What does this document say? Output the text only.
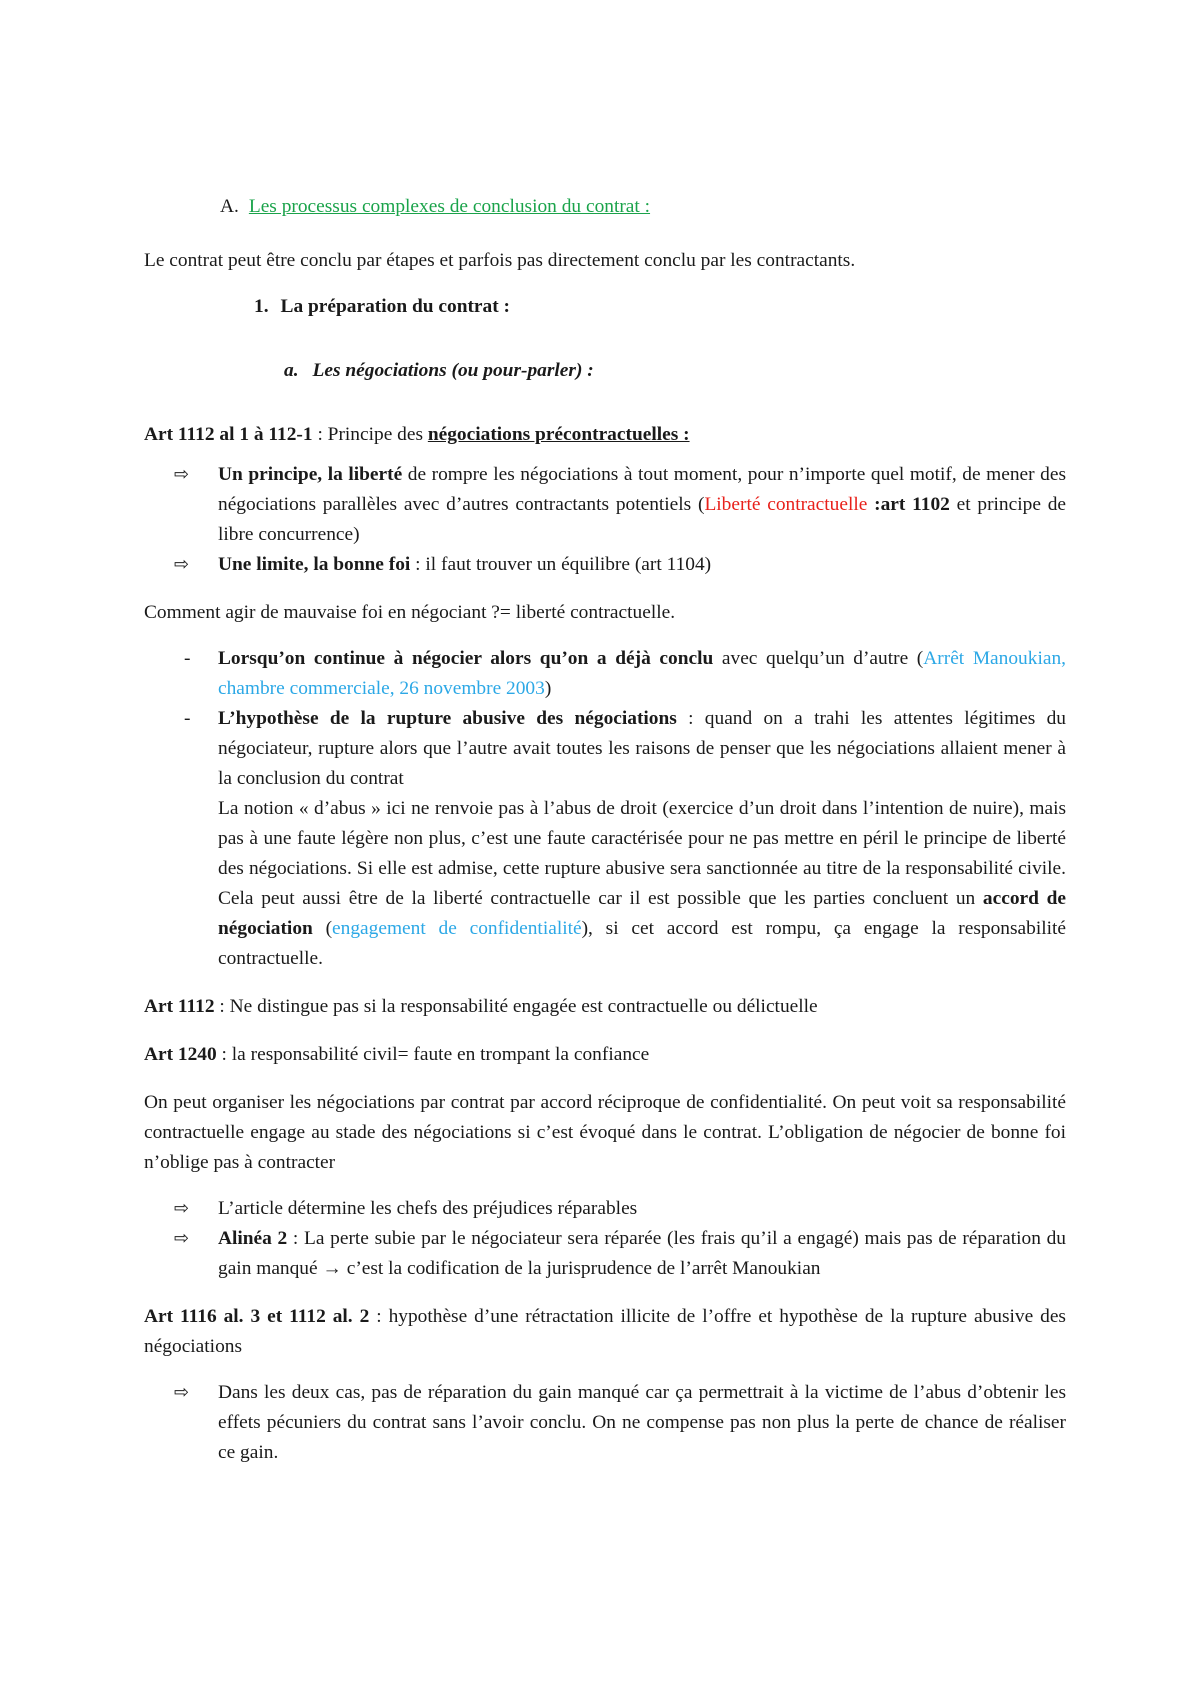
A. Les processus complexes de conclusion du contrat :

Le contrat peut être conclu par étapes et parfois pas directement conclu par les contractants.

1. La préparation du contrat :

a. Les négociations (ou pour-parler) :

Art 1112 al 1 à 112-1 : Principe des négociations précontractuelles :

⇨	Un principe, la liberté de rompre les négociations à tout moment, pour n’importe quel motif, de mener des négociations parallèles avec d’autres contractants potentiels (Liberté contractuelle :art 1102 et principe de libre concurrence)
⇨	Une limite, la bonne foi : il faut trouver un équilibre (art 1104)

Comment agir de mauvaise foi en négociant ?= liberté contractuelle.

-	Lorsqu’on continue à négocier alors qu’on a déjà conclu avec quelqu’un d’autre (Arrêt Manoukian, chambre commerciale, 26 novembre 2003)
-	L’hypothèse de la rupture abusive des négociations : quand on a trahi les attentes légitimes du négociateur, rupture alors que l’autre avait toutes les raisons de penser que les négociations allaient mener à la conclusion du contrat
La notion « d’abus » ici ne renvoie pas à l’abus de droit (exercice d’un droit dans l’intention de nuire), mais pas à une faute légère non plus, c’est une faute caractérisée pour ne pas mettre en péril le principe de liberté des négociations. Si elle est admise, cette rupture abusive sera sanctionnée au titre de la responsabilité civile. Cela peut aussi être de la liberté contractuelle car il est possible que les parties concluent un accord de négociation (engagement de confidentialité), si cet accord est rompu, ça engage la responsabilité contractuelle.

Art 1112 : Ne distingue pas si la responsabilité engagée est contractuelle ou délictuelle

Art 1240 : la responsabilité civil= faute en trompant la confiance

On peut organiser les négociations par contrat par accord réciproque de confidentialité. On peut voit sa responsabilité contractuelle engage au stade des négociations si c’est évoqué dans le contrat. L’obligation de négocier de bonne foi n’oblige pas à contracter

⇨	L’article détermine les chefs des préjudices réparables
⇨	Alinéa 2 : La perte subie par le négociateur sera réparée (les frais qu’il a engagé) mais pas de réparation du gain manqué → c’est la codification de la jurisprudence de l’arrêt Manoukian

Art 1116 al. 3 et 1112 al. 2 : hypothèse d’une rétractation illicite de l’offre et hypothèse de la rupture abusive des négociations

⇨	Dans les deux cas, pas de réparation du gain manqué car ça permettrait à la victime de l’abus d’obtenir les effets pécuniers du contrat sans l’avoir conclu. On ne compense pas non plus la perte de chance de réaliser ce gain.
